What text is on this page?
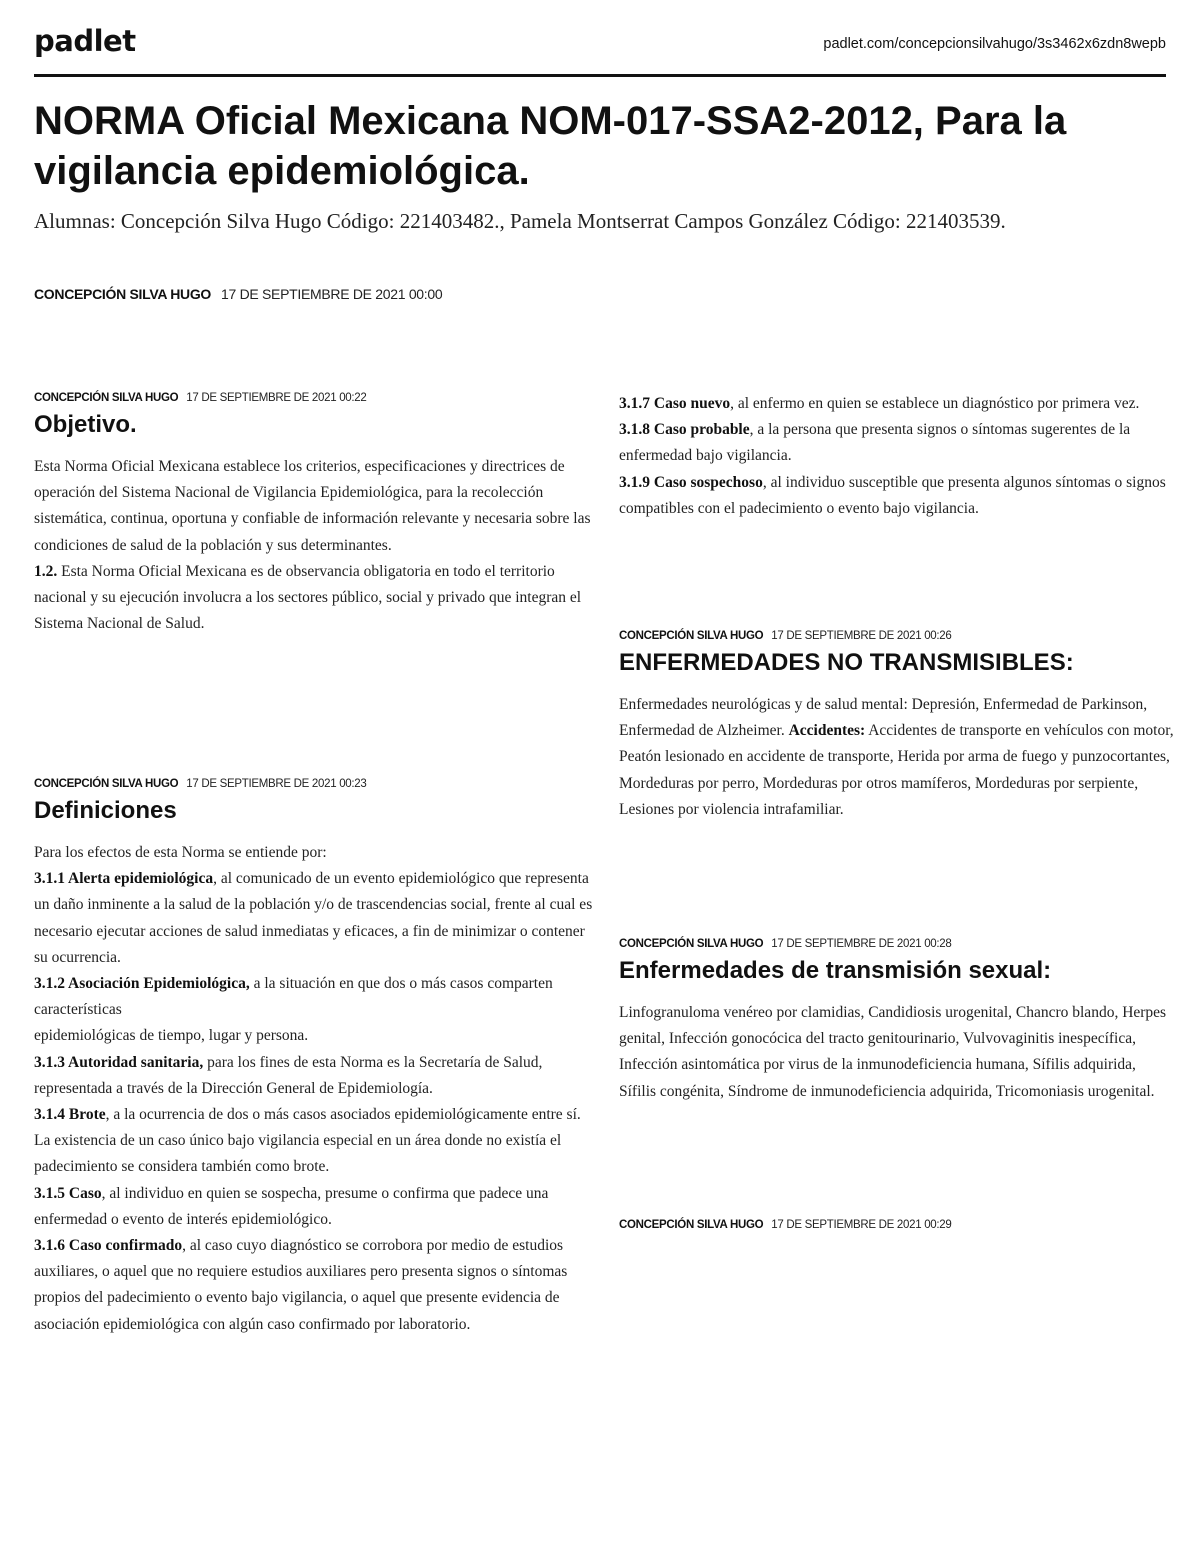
padlet	padlet.com/concepcionsilvahugo/3s3462x6zdn8wepb
NORMA Oficial Mexicana NOM-017-SSA2-2012, Para la vigilancia epidemiológica.

Alumnas: Concepción Silva Hugo Código: 221403482., Pamela Montserrat Campos González Código: 221403539.

CONCEPCIÓN SILVA HUGO 17 DE SEPTIEMBRE DE 2021 00:00
CONCEPCIÓN SILVA HUGO 17 DE SEPTIEMBRE DE 2021 00:22
Objetivo.

Esta Norma Oficial Mexicana establece los criterios, especificaciones y directrices de operación del Sistema Nacional de Vigilancia Epidemiológica, para la recolección sistemática, continua, oportuna y confiable de información relevante y necesaria sobre las condiciones de salud de la población y sus determinantes.

1.2. Esta Norma Oficial Mexicana es de observancia obligatoria en todo el territorio nacional y su ejecución involucra a los sectores público, social y privado que integran el Sistema Nacional de Salud.

CONCEPCIÓN SILVA HUGO 17 DE SEPTIEMBRE DE 2021 00:23
Definiciones

Para los efectos de esta Norma se entiende por:

3.1.1 Alerta epidemiológica, al comunicado de un evento epidemiológico que representa un daño inminente a la salud de la población y/o de trascendencias social, frente al cual es necesario ejecutar acciones de salud inmediatas y eficaces, a fin de minimizar o contener su ocurrencia.

3.1.2 Asociación Epidemiológica, a la situación en que dos o más casos comparten características

epidemiológicas de tiempo, lugar y persona.

3.1.3 Autoridad sanitaria, para los fines de esta Norma es la Secretaría de Salud, representada a través de la Dirección General de Epidemiología.

3.1.4 Brote, a la ocurrencia de dos o más casos asociados epidemiológicamente entre sí. La existencia de un caso único bajo vigilancia especial en un área donde no existía el padecimiento se considera también como brote.

3.1.5 Caso, al individuo en quien se sospecha, presume o confirma que padece una enfermedad o evento de interés epidemiológico.

3.1.6 Caso confirmado, al caso cuyo diagnóstico se corrobora por medio de estudios auxiliares, o aquel que no requiere estudios auxiliares pero presenta signos o síntomas propios del padecimiento o evento bajo vigilancia, o aquel que presente evidencia de asociación epidemiológica con algún caso confirmado por laboratorio.

3.1.7 Caso nuevo, al enfermo en quien se establece un diagnóstico por primera vez.

3.1.8 Caso probable, a la persona que presenta signos o síntomas sugerentes de la enfermedad bajo vigilancia.

3.1.9 Caso sospechoso, al individuo susceptible que presenta algunos síntomas o signos compatibles con el padecimiento o evento bajo vigilancia.

CONCEPCIÓN SILVA HUGO 17 DE SEPTIEMBRE DE 2021 00:26
ENFERMEDADES NO TRANSMISIBLES:

Enfermedades neurológicas y de salud mental: Depresión, Enfermedad de Parkinson, Enfermedad de Alzheimer. Accidentes: Accidentes de transporte en vehículos con motor, Peatón lesionado en accidente de transporte, Herida por arma de fuego y punzocortantes, Mordeduras por perro, Mordeduras por otros mamíferos, Mordeduras por serpiente, Lesiones por violencia intrafamiliar.

CONCEPCIÓN SILVA HUGO 17 DE SEPTIEMBRE DE 2021 00:28
Enfermedades de transmisión sexual:

Linfogranuloma venéreo por clamidias, Candidiosis urogenital, Chancro blando, Herpes genital, Infección gonocócica del tracto genitourinario, Vulvovaginitis inespecífica, Infección asintomática por virus de la inmunodeficiencia humana, Sífilis adquirida, Sífilis congénita, Síndrome de inmunodeficiencia adquirida, Tricomoniasis urogenital.

CONCEPCIÓN SILVA HUGO 17 DE SEPTIEMBRE DE 2021 00:29
